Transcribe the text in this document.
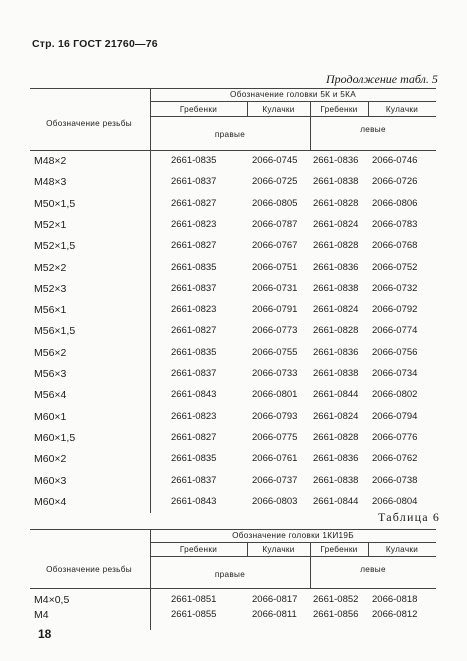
Стр. 16 ГОСТ 21760—76
Продолжение табл. 5
Обозначение головки 5К и 5КА
Обозначение резьбы
Гребенки	Кулачки	Гребенки	Кулачки
правые
левые
M48×2	2661-0835	2066-0745 2661-0836 2066-0746
M48×3	2661-0837	2066-0725 2661-0838 2066-0726
M50×1,5	2661-0827	2066-0805 2661-0828 2066-0806
M52×1	2661-0823	2066-0787 2661-0824 2066-0783
M52×1,5	2661-0827	2066-0767 2661-0828 2066-0768
M52×2	2661-0835	2066-0751 2661-0836 2066-0752
M52×3	2661-0837	2066-0731 2661-0838 2066-0732
M56×1	2661-0823	2066-0791 2661-0824 2066-0792
M56×1,5	2661-0827	2066-0773 2661-0828 2066-0774
M56×2	2661-0835	2066-0755 2661-0836 2066-0756
M56×3	2661-0837	2066-0733 2661-0838 2066-0734
M56×4	2661-0843	2066-0801 2661-0844 2066-0802
M60×1	2661-0823	2066-0793 2661-0824 2066-0794
M60×1,5	2661-0827	2066-0775 2661-0828 2066-0776
M60×2	2661-0835	2066-0761 2661-0836 2066-0762
M60×3	2661-0837	2066-0737 2661-0838 2066-0738
M60×4	2661-0843	2066-0803 2661-0844 2066-0804
Таблица 6
Обозначение головки 1КИ19Б
Обозначение резьбы
Гребенки	Кулачки	Гребенки	Кулачки
правые
левые
M4×0,5	2661-0851	2066-0817 2661-0852 2066-0818
M4	2661-0855	2066-0811 2661-0856 2066-0812
18
